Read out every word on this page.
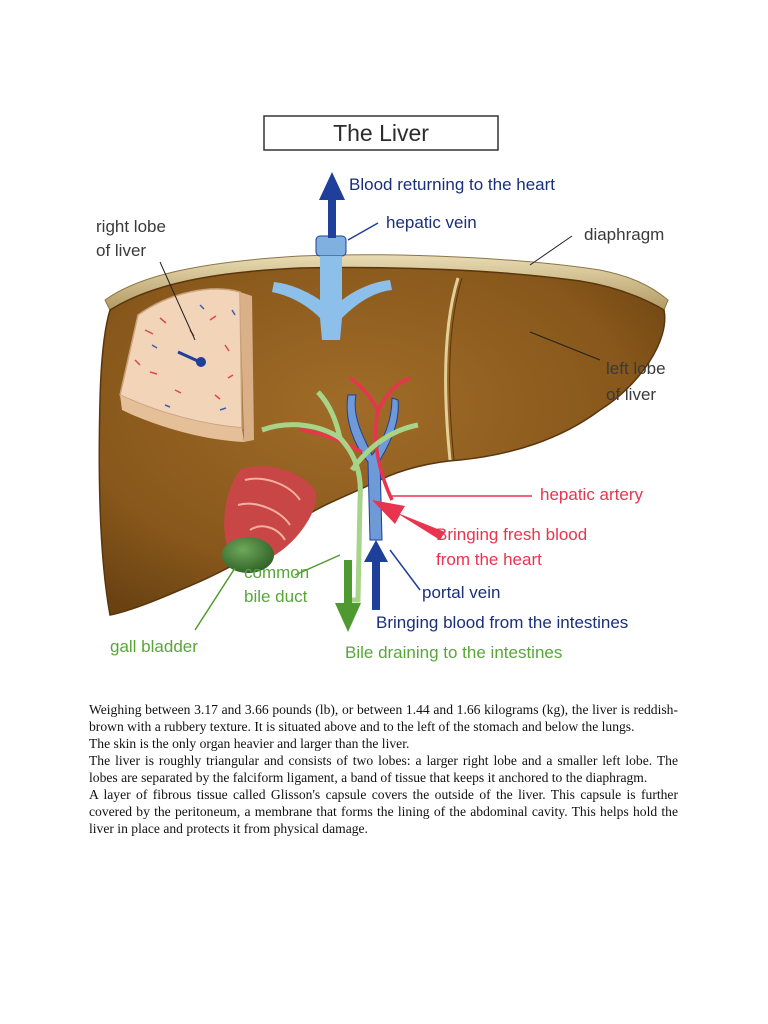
The Liver
Blood returning to the heart
hepatic vein
right lobe
of liver
diaphragm
left lobe
of liver
hepatic artery
Bringing fresh blood
from the heart
common
bile duct	portal vein
Bringing blood from the intestines
gall bladder	Bile draining to the intestines

Weighing between 3.17 and 3.66 pounds (lb), or between 1.44 and 1.66 kilograms (kg), the liver is reddish-brown with a rubbery texture. It is situated above and to the left of the stomach and below the lungs.

The skin is the only organ heavier and larger than the liver.

The liver is roughly triangular and consists of two lobes: a larger right lobe and a smaller left lobe. The lobes are separated by the falciform ligament, a band of tissue that keeps it anchored to the diaphragm.

A layer of fibrous tissue called Glisson's capsule covers the outside of the liver. This capsule is further covered by the peritoneum, a membrane that forms the lining of the abdominal cavity. This helps hold the liver in place and protects it from physical damage.
